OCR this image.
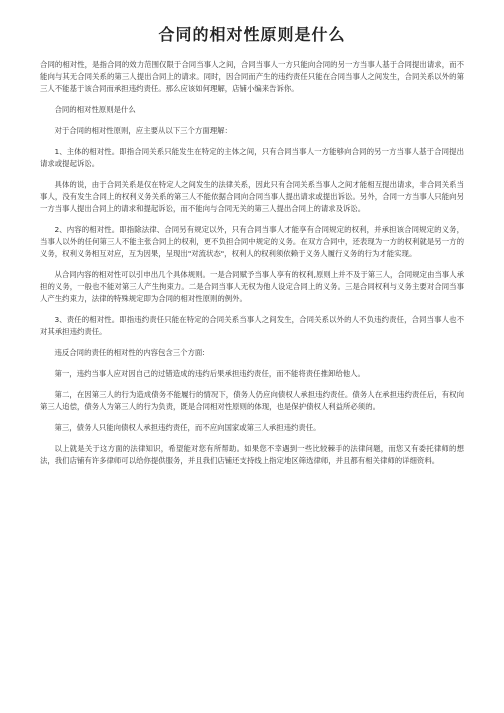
合同的相对性原则是什么

合同的相对性，是指合同的效力范围仅限于合同当事人之间，合同当事人一方只能向合同的另一方当事人基于合同提出请求，而不能向与其无合同关系的第三人提出合同上的请求。同时，因合同而产生的违约责任只能在合同当事人之间发生，合同关系以外的第三人不能基于该合同而承担违约责任。那么应该如何理解，店铺小编来告诉你。

合同的相对性原则是什么

对于合同的相对性原则，应主要从以下三个方面理解：

1、主体的相对性。即指合同关系只能发生在特定的主体之间，只有合同当事人一方能够向合同的另一方当事人基于合同提出请求或提起诉讼。

具体的说，由于合同关系是仅在特定人之间发生的法律关系，因此只有合同关系当事人之间才能相互提出请求，非合同关系当事人，没有发生合同上的权利义务关系的第三人不能依据合同向合同当事人提出请求或提出诉讼。另外，合同一方当事人只能向另一方当事人提出合同上的请求和提起诉讼，而不能向与合同无关的第三人提出合同上的请求及诉讼。

2、内容的相对性。即指除法律、合同另有规定以外，只有合同当事人才能享有合同规定的权利，并承担该合同规定的义务，当事人以外的任何第三人不能主张合同上的权利，更不负担合同中规定的义务。在双方合同中，还表现为一方的权利就是另一方的义务，权利义务相互对应，互为因果，呈现出"对流状态"，权利人的权利须依赖于义务人履行义务的行为才能实现。

从合同内容的相对性可以引申出几个具体规则。一是合同赋予当事人享有的权利,原则上并不及于第三人，合同规定由当事人承担的义务，一般也不能对第三人产生拘束力。二是合同当事人无权为他人设定合同上的义务。三是合同权利与义务主要对合同当事人产生约束力，法律的特殊规定即为合同的相对性原则的例外。

3、责任的相对性。即指违约责任只能在特定的合同关系当事人之间发生，合同关系以外的人不负违约责任，合同当事人也不对其承担违约责任。

违反合同的责任的相对性的内容包含三个方面:

第一，违约当事人应对因自己的过错造成的违约后果承担违约责任，而不能将责任推卸给他人。

第二，在因第三人的行为造成债务不能履行的情况下，债务人仍应向债权人承担违约责任。债务人在承担违约责任后，有权向第三人追偿，债务人为第三人的行为负责，既是合同相对性原则的体现，也是保护债权人利益所必须的。

第三，债务人只能向债权人承担违约责任，而不应向国家或第三人承担违约责任。

以上就是关于这方面的法律知识，希望能对您有所帮助。如果您不幸遇到一些比较棘手的法律问题，而您又有委托律师的想法，我们店铺有许多律师可以给你提供服务，并且我们店铺还支持线上指定地区筛选律师，并且都有相关律师的详细资料。
